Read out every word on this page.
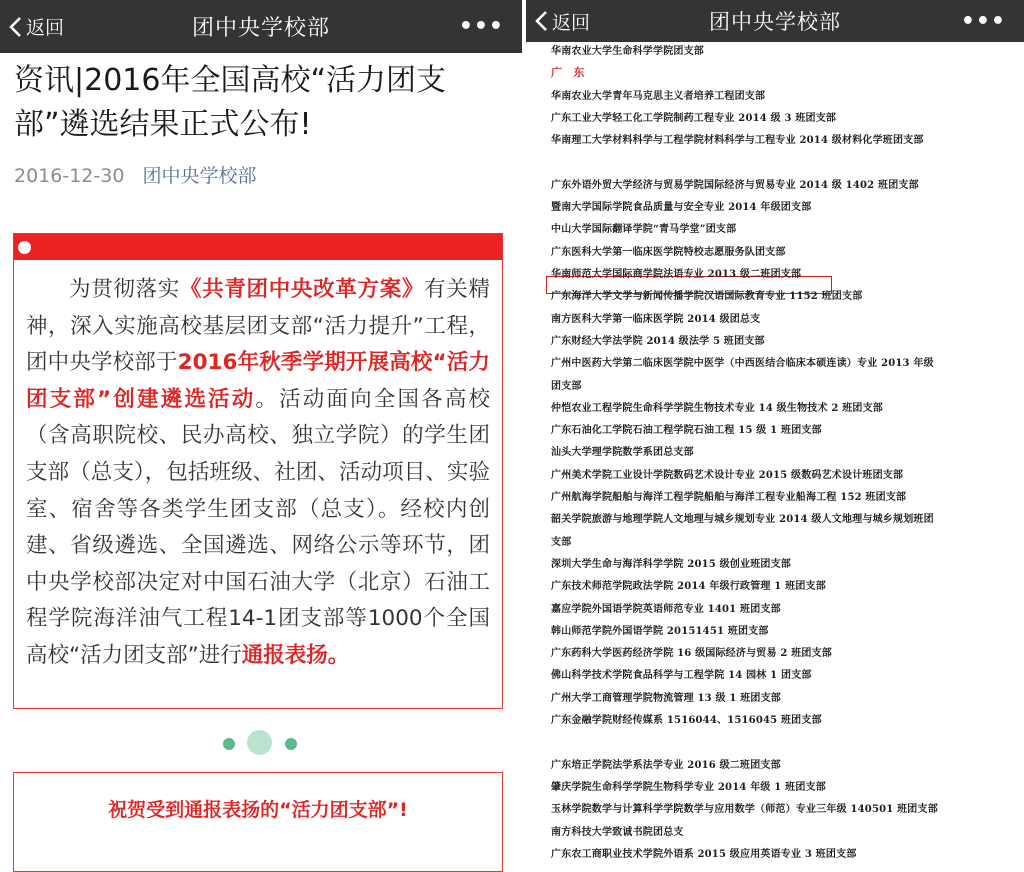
返回	团中央学校部	•••
资讯|2016年全国高校“活力团支部”遴选结果正式公布!
2016-12-30 团中央学校部
为贯彻落实《共青团中央改革方案》有关精神，深入实施高校基层团支部“活力提升”工程，团中央学校部于2016年秋季学期开展高校“活力团支部”创建遴选活动。活动面向全国各高校（含高职院校、民办高校、独立学院）的学生团支部（总支），包括班级、社团、活动项目、实验室、宿舍等各类学生团支部（总支）。经校内创建、省级遴选、全国遴选、网络公示等环节，团中央学校部决定对中国石油大学（北京）石油工程学院海洋油气工程14-1团支部等1000个全国高校“活力团支部”进行通报表扬。
祝贺受到通报表扬的“活力团支部”!
返回	团中央学校部	•••
华南农业大学生命科学学院团支部
广　东
华南农业大学青年马克思主义者培养工程团支部
广东工业大学轻工化工学院制药工程专业 2014 级 3 班团支部
华南理工大学材料科学与工程学院材料科学与工程专业 2014 级材料化学班团支部
广东外语外贸大学经济与贸易学院国际经济与贸易专业 2014 级 1402 班团支部
暨南大学国际学院食品质量与安全专业 2014 年级团支部
中山大学国际翻译学院“青马学堂”团支部
广东医科大学第一临床医学院特校志愿服务队团支部
华南师范大学国际商学院法语专业 2013 级二班团支部
广东海洋大学文学与新闻传播学院汉语国际教育专业 1152 班团支部
南方医科大学第一临床医学院 2014 级团总支
广东财经大学法学院 2014 级法学 5 班团支部
广州中医药大学第二临床医学院中医学（中西医结合临床本硕连读）专业 2013 年级
团支部
仲恺农业工程学院生命科学学院生物技术专业 14 级生物技术 2 班团支部
广东石油化工学院石油工程学院石油工程 15 级 1 班团支部
汕头大学理学院数学系团总支部
广州美术学院工业设计学院数码艺术设计专业 2015 级数码艺术设计班团支部
广州航海学院船舶与海洋工程学院船舶与海洋工程专业船海工程 152 班团支部
韶关学院旅游与地理学院人文地理与城乡规划专业 2014 级人文地理与城乡规划班团
支部
深圳大学生命与海洋科学学院 2015 级创业班团支部
广东技术师范学院政法学院 2014 年级行政管理 1 班团支部
嘉应学院外国语学院英语师范专业 1401 班团支部
韩山师范学院外国语学院 20151451 班团支部
广东药科大学医药经济学院 16 级国际经济与贸易 2 班团支部
佛山科学技术学院食品科学与工程学院 14 园林 1 团支部
广州大学工商管理学院物流管理 13 级 1 班团支部
广东金融学院财经传媒系 1516044、1516045 班团支部
广东培正学院法学系法学专业 2016 级二班团支部
肇庆学院生命科学学院生物科学专业 2014 年级 1 班团支部
玉林学院数学与计算科学学院数学与应用数学（师范）专业三年级 140501 班团支部
南方科技大学致诚书院团总支
广东农工商职业技术学院外语系 2015 级应用英语专业 3 班团支部
